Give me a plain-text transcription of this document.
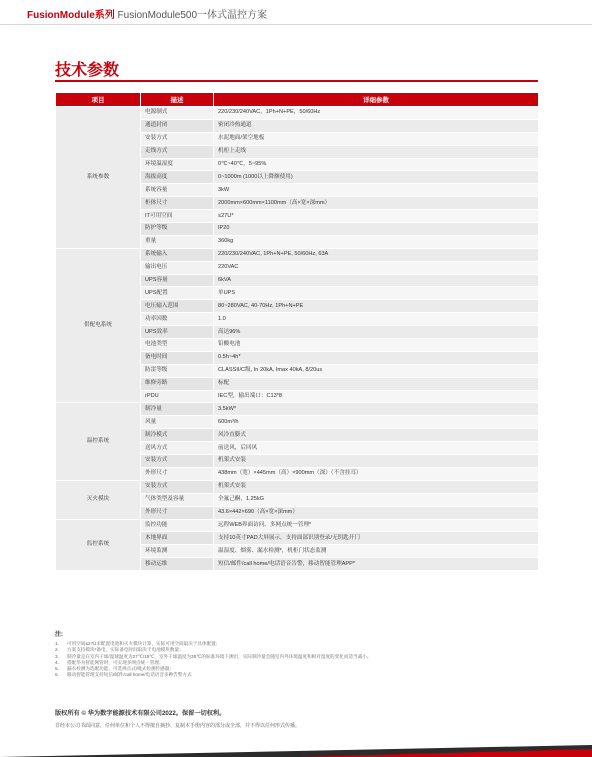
FusionModule系列 FusionModule500一体式温控方案
技术参数
项目	描述	详细参数
系统参数	电源制式	220/230/240VAC，1Ph+N+PE，50/60Hz
	通道封闭	密闭冷热通道
	安装方式	水泥地面/架空地板
	走线方式	机柜上走线
	环境温湿度	0℃~40℃，5~95%
	海拔高度	0~1000m (1000以上降额使用)
	系统容量	3kW
	柜体尺寸	2000mm×600mm×1100mm（高×宽×深mm）
	IT可用空间	≤27U*
	防护等级	IP20
	重量	360kg
供配电系统	系统输入	220/230/240VAC, 1Ph+N+PE, 50/60Hz, 63A
	输出电压	220VAC
	UPS容量	6kVA
	UPS配置	单UPS
	电压输入范围	80~280VAC, 40-70Hz, 1Ph+N+PE
	功率因数	1.0
	UPS效率	高达96%
	电池类型	铅酸电池
	备电时间	0.5h~4h*
	防雷等级	CLASSII/C级, In 20kA, Imax 40kA, 8/20us
	维修旁路	标配
	rPDU	IEC型，输出端口：C13*8
温控系统	制冷量	3.5kW*
	风量	600m³/h
	制冷模式	风冷直膨式
	送风方式	前送风，后回风
	安装方式	机架式安装
	外形尺寸	438mm（宽）×445mm（高）×900mm（深）（不含挂耳）
灭火模块	安装方式	机架式安装
	气体类型及容量	全氟己酮，1.25kG
	外形尺寸	43.6×442×690（高×宽×深mm）
监控系统	监控功能	远程WEB界面访问、多网点统一管理*
	本地界面	支持10英寸PAD大屏展示，支持面部识别登录/无钥匙开门
	环境监测	温湿度、烟雾、漏水检测*，机柜门状态监测
	移动运维	短信/邮件/call home/电话语音告警，移动智能管理APP*
注:
1. 可用空间≤27U未配置电池和灭火模块计算，实际可用空间取决于具体配置；
2. 方案支持模块*备电，实际备电时间取决于电池模块数量；
3. 制冷量是在室内干球/湿球温度为27℃/19℃，室外干球温度为35℃的标准环境下测出，实际制冷量会随室内外环境温度和相对湿度的变化而适当减小。
4. 搭配华为智能网管时，可实现多网点统一管理；
5. 漏水检测为选配功能，可选择点式/绳式检测传感器；
6. 移动智能管理支持短信/邮件/call home/电话语音多种告警方式
版权所有 © 华为数字能源技术有限公司2022。保留一切权利。
非经本公司书面同意，任何单位和个人不得擅自摘抄、复制本手册内容的部分或全部，并不得以任何形式传播。
